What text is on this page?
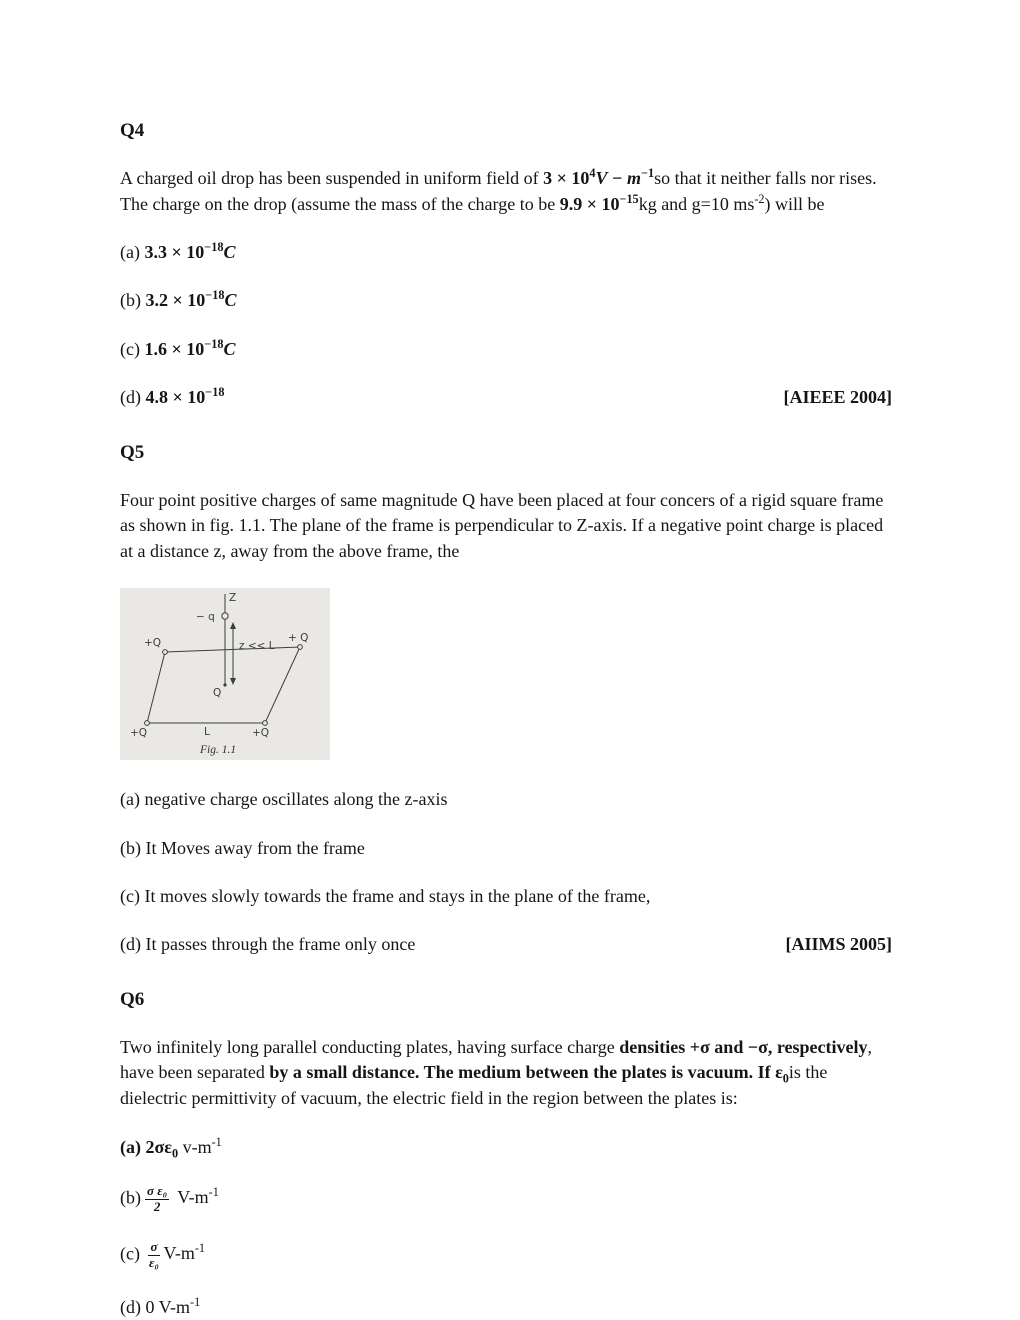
Q4

A charged oil drop has been suspended in uniform field of $3 \times 10^4V - m^{-1}so$ that it neither falls nor rises. The charge on the drop (assume the mass of the charge to be $9.9 \times 10^{-15}kg$ and g=10 $ms^{-2}$) will be

(a) $3.3 \times 10^{-18}C$

(b) $3.2 \times 10^{-18}C$

(c) $1.6 \times 10^{-18}C$

(d) $4.8 \times 10^{-18}$	[AIEEE 2004]
Q5

Four point positive charges of same magnitude Q have been placed at four concers of a rigid square frame as shown in fig. 1.1. The plane of the frame is perpendicular to Z-axis. If a negative point charge is placed at a distance z, away from the above frame, the

Z
− q
z << L
+Q	+ Q
+Q	+Q
Q
L
Fig. 1.1

(a) negative charge oscillates along the z-axis

(b) It Moves away from the frame

(c) It moves slowly towards the frame and stays in the plane of the frame,

(d) It passes through the frame only once	[AIIMS 2005]
Q6

Two infinitely long parallel conducting plates, having surface charge densities +σ and −σ, respectively, have been separated by a small distance. The medium between the plates is vacuum. If $\varepsilon_0is$ the dielectric permittivity of vacuum, the electric field in the region between the plates is:

(a) $2\sigma\varepsilon_0$ $v-m^{-1}$

$(b) \frac{\text{σ ε₀}}{2} V-m^{-1}$

$(c) \frac{\sigma}{\text{ε₀}} V-m^{-1}$

(d) 0 $V-m^{-1}$
